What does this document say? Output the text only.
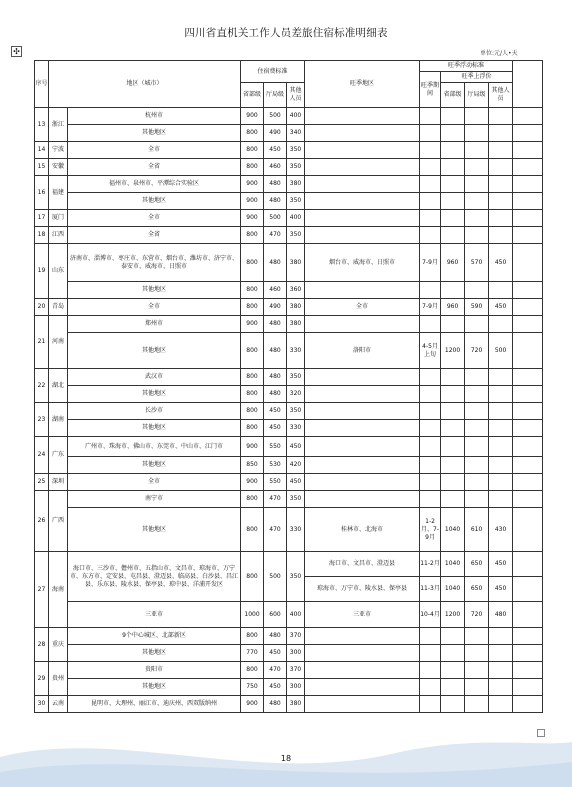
四川省直机关工作人员差旅住宿标准明细表
✣	单位:元/人•天
序号	地区（城市）		住宿费标准			旺季地区	旺季浮动标准				
							旺季期间	旺季上浮价			
			省部级	厅局级	其他人员			省部级	厅局级	其他人员	
13	浙江	杭州市	900	500	400						
		其他地区	800	490	340						
14	宁波	全市	800	450	350						
15	安徽	全省	800	460	350						
16	福建	福州市、泉州市、平潭综合实验区	900	480	380						
		其他地区	900	480	350						
17	厦门	全市	900	500	400						
18	江西	全省	800	470	350						
19	山东	济南市、淄博市、枣庄市、东营市、烟台市、潍坊市、济宁市、泰安市、威海市、日照市	800	480	380	烟台市、威海市、日照市	7-9月	960	570	450	
		其他地区	800	460	360						
20	青岛	全市	800	490	380	全市	7-9月	960	590	450	
21	河南	郑州市	900	480	380						
		其他地区	800	480	330	洛阳市	4-5月上旬	1200	720	500	
22	湖北	武汉市	800	480	350						
		其他地区	800	480	320						
23	湖南	长沙市	800	450	350						
		其他地区	800	450	330						
24	广东	广州市、珠海市、佛山市、东莞市、中山市、江门市	900	550	450						
		其他地区	850	530	420						
25	深圳	全市	900	550	450						
26	广西	南宁市	800	470	350						
		其他地区	800	470	330	桂林市、北海市	1-2月、7-9月	1040	610	430	
27	海南	海口市、三沙市、儋州市、五指山市、文昌市、琼海市、万宁市、东方市、定安县、屯昌县、澄迈县、临高县、白沙县、昌江县、乐东县、陵水县、保亭县、琼中县、洋浦开发区	800	500	350	海口市、文昌市、澄迈县	11-2月	1040	650	450	
						琼海市、万宁市、陵水县、保亭县	11-3月	1040	650	450	
		三亚市	1000	600	400	三亚市	10-4月	1200	720	480	
28	重庆	9个中心城区、北部新区	800	480	370						
		其他地区	770	450	300						
29	贵州	贵阳市	800	470	370						
		其他地区	750	450	300						
30	云南	昆明市、大理州、丽江市、迪庆州、西双版纳州	900	480	380						
18
